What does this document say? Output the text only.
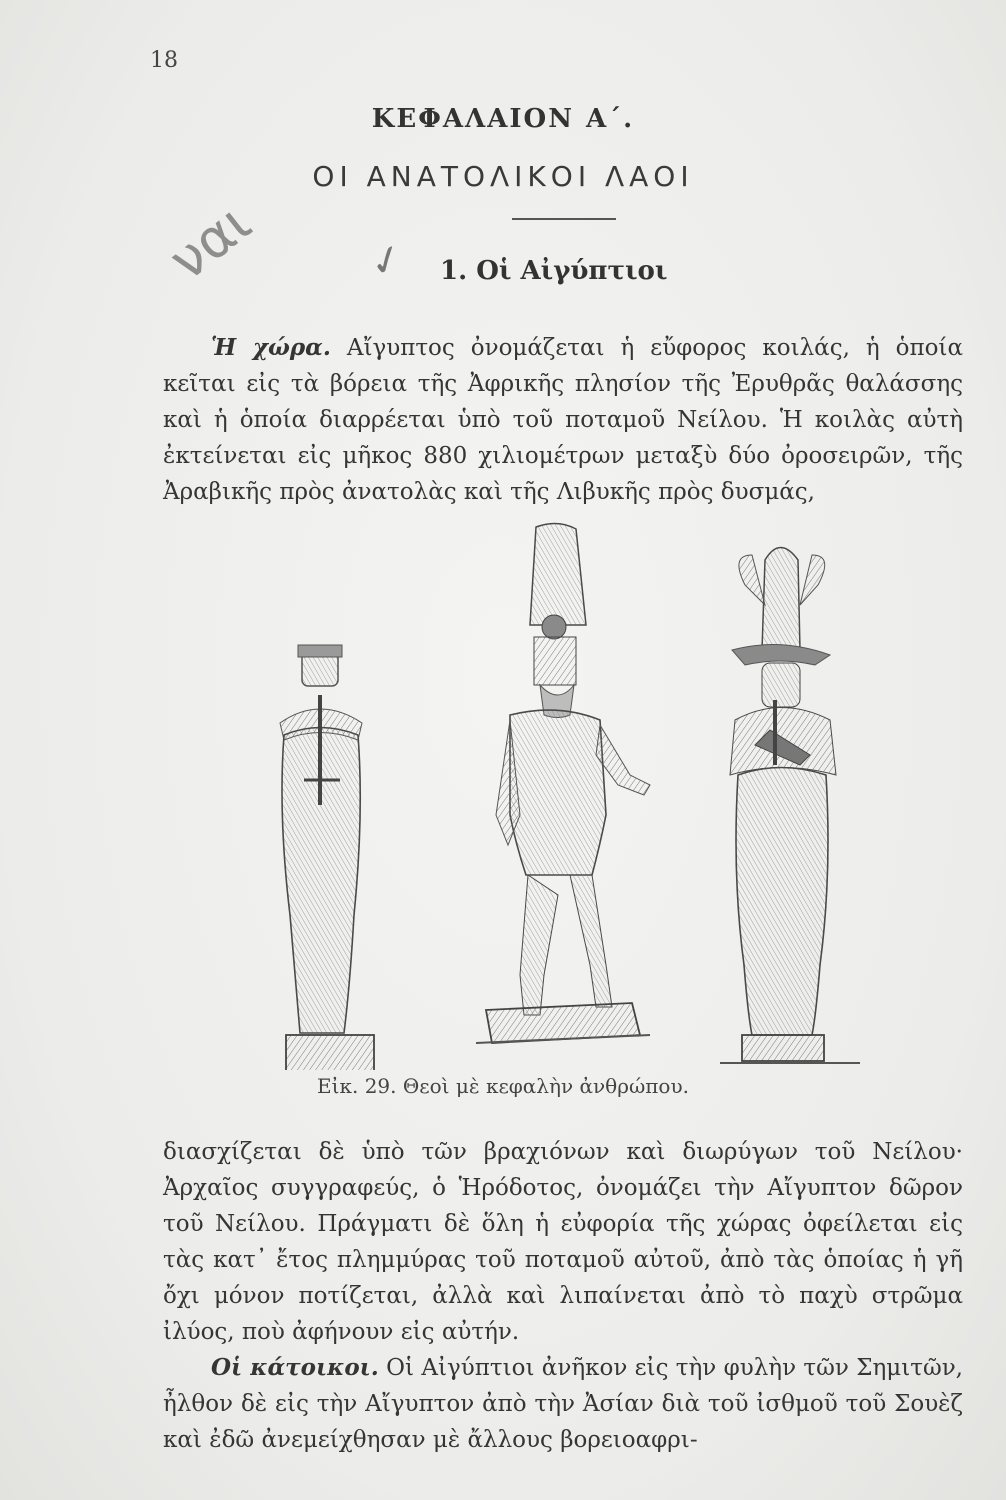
18
ναι	✓
ΚΕΦΑΛΑΙΟΝ Α΄.
ΟΙ ΑΝΑΤΟΛΙΚΟΙ ΛΑΟΙ
1. Οἱ Αἰγύπτιοι

Ἡ χώρα. Αἴγυπτος ὀνομάζεται ἡ εὔφορος κοιλάς, ἡ ὁποία κεῖται εἰς τὰ βόρεια τῆς Ἀφρικῆς πλησίον τῆς Ἐρυθρᾶς θαλάσσης καὶ ἡ ὁποία διαρρέεται ὑπὸ τοῦ ποταμοῦ Νείλου. Ἡ κοιλὰς αὐτὴ ἐκτείνεται εἰς μῆκος 880 χιλιομέτρων μεταξὺ δύο ὀροσειρῶν, τῆς Ἀραβικῆς πρὸς ἀνατολὰς καὶ τῆς Λιβυκῆς πρὸς δυσμάς,

Εἰκ. 29. Θεοὶ μὲ κεφαλὴν ἀνθρώπου.

διασχίζεται δὲ ὑπὸ τῶν βραχιόνων καὶ διωρύγων τοῦ Νείλου· Ἀρχαῖος συγγραφεύς, ὁ Ἡρόδοτος, ὀνομάζει τὴν Αἴγυπτον δῶρον τοῦ Νείλου. Πράγματι δὲ ὅλη ἡ εὐφορία τῆς χώρας ὀφείλεται εἰς τὰς κατ᾽ ἔτος πλημμύρας τοῦ ποταμοῦ αὐτοῦ, ἀπὸ τὰς ὁποίας ἡ γῆ ὄχι μόνον ποτίζεται, ἀλλὰ καὶ λιπαίνεται ἀπὸ τὸ παχὺ στρῶμα ἰλύος, ποὺ ἀφήνουν εἰς αὐτήν.

Οἱ κάτοικοι. Οἱ Αἰγύπτιοι ἀνῆκον εἰς τὴν φυλὴν τῶν Σημιτῶν, ἦλθον δὲ εἰς τὴν Αἴγυπτον ἀπὸ τὴν Ἀσίαν διὰ τοῦ ἰσθμοῦ τοῦ Σουὲζ καὶ ἐδῶ ἀνεμείχθησαν μὲ ἄλλους βορειοαφρι-
